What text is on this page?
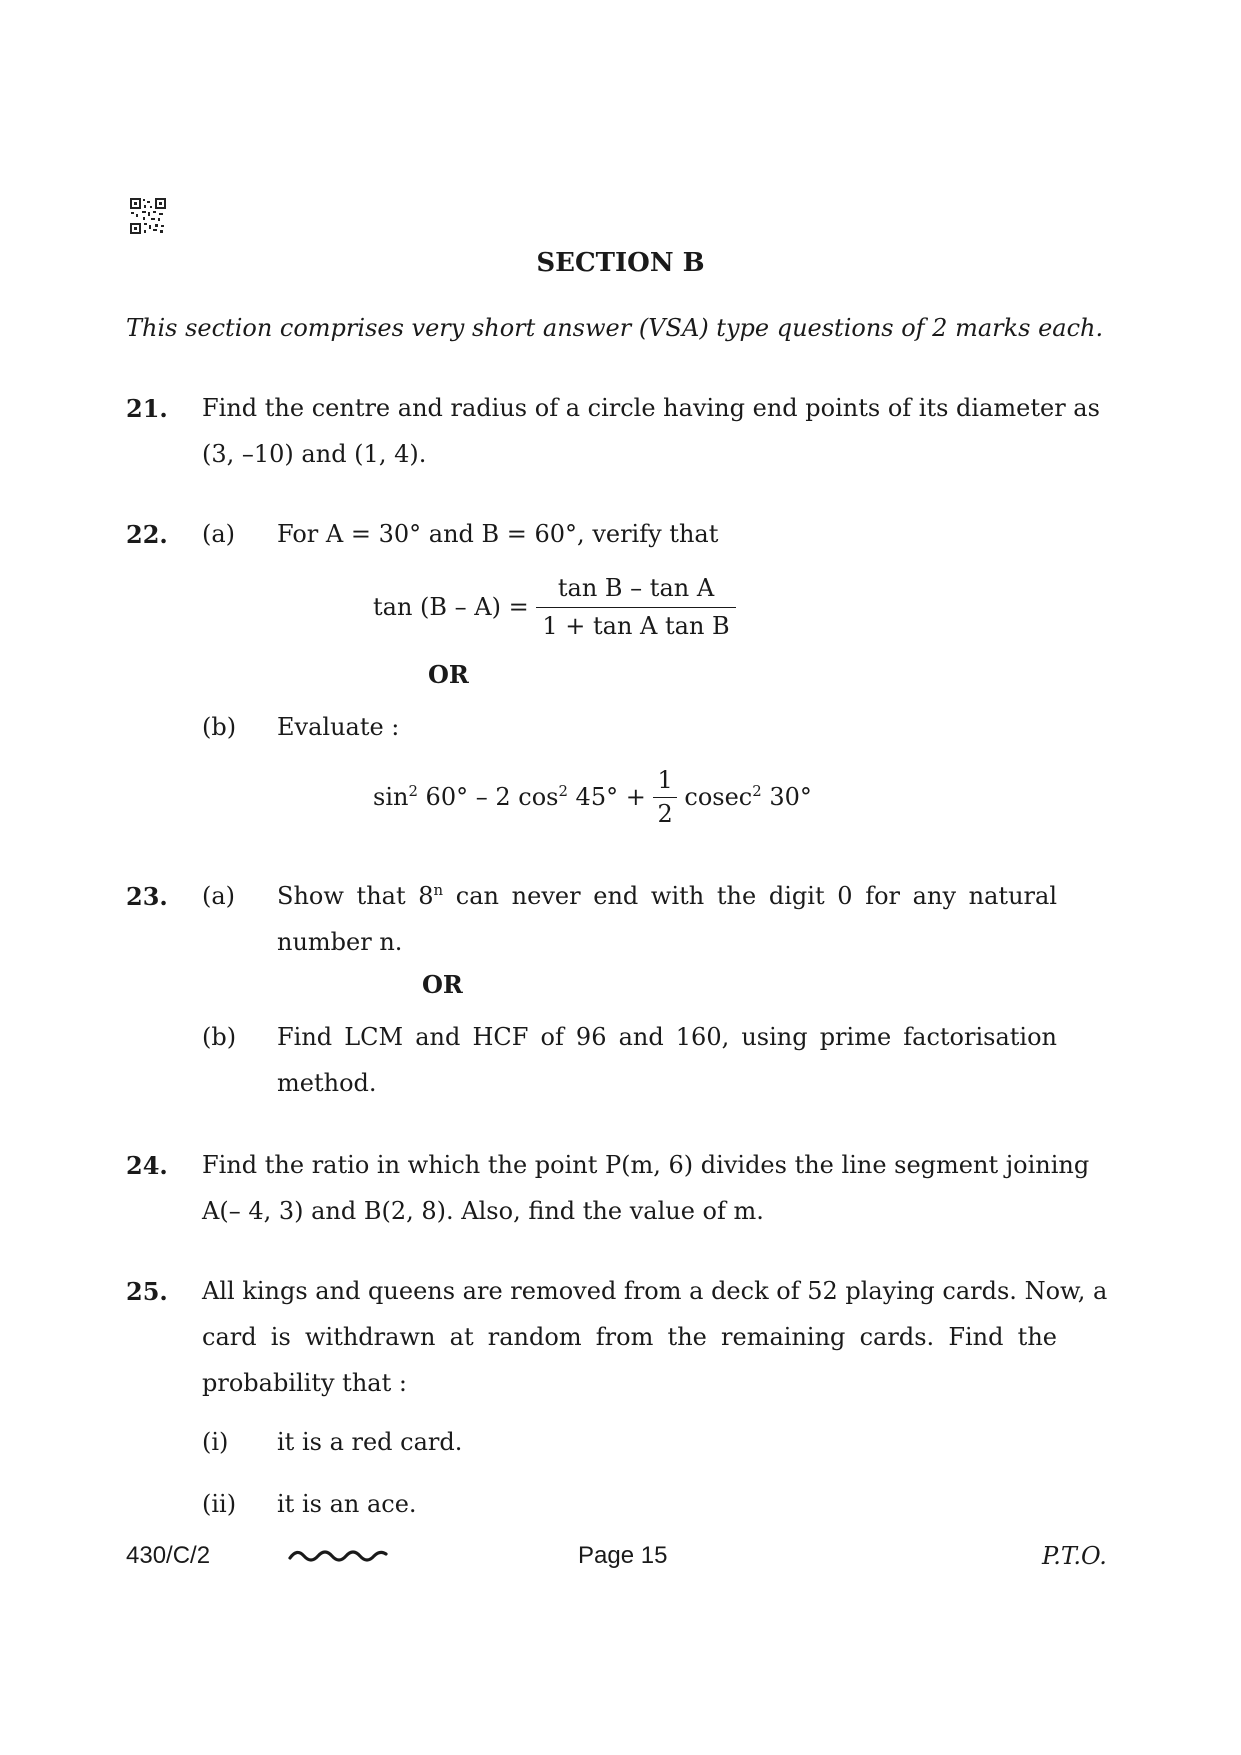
SECTION B
This section comprises very short answer (VSA) type questions of 2 marks each.
21. Find the centre and radius of a circle having end points of its diameter as
(3, –10) and (1, 4).
22. (a) For A = 30° and B = 60°, verify that
$\tan (B - A) = \frac{\text{tan B – tan A}}{\text{1 + tan A tan B}}$
OR
(b) Evaluate :
$\sin^2 60^\circ - 2$ $\cos^2 45^\circ + \frac{1}{2} cosec^2$ 30°
23. (a) Show that 8$^n$ can never end with the digit 0 for any natural
number n.
OR
(b) Find LCM and HCF of 96 and 160, using prime factorisation
method.
24. Find the ratio in which the point P(m, 6) divides the line segment joining
A(– 4, 3) and B(2, 8). Also, find the value of m.
25. All kings and queens are removed from a deck of 52 playing cards. Now, a
card is withdrawn at random from the remaining cards. Find the
probability that :
(i) it is a red card.
(ii) it is an ace.
430/C/2	Page 15	P.T.O.
